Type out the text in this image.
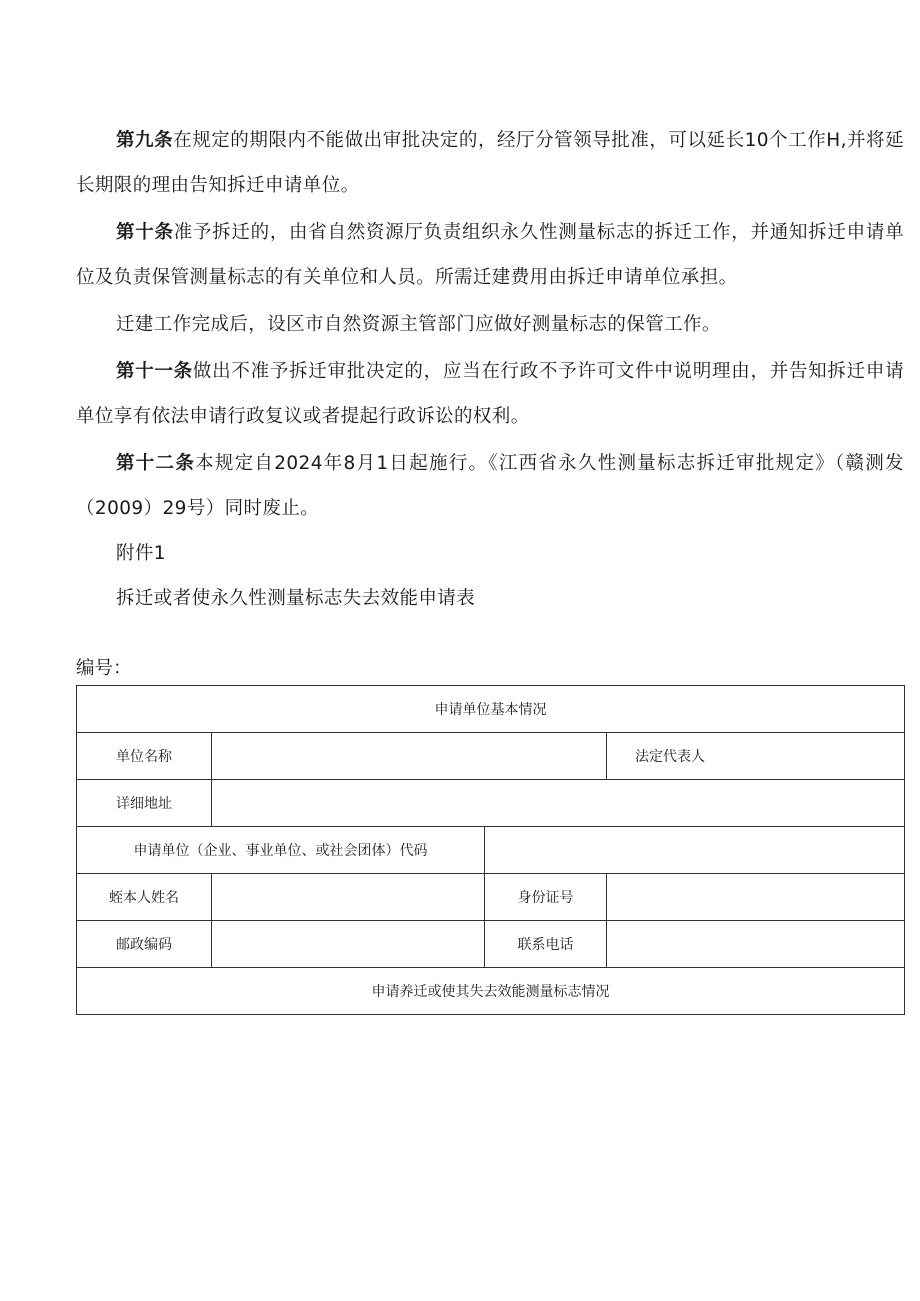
第九条在规定的期限内不能做出审批决定的，经厅分管领导批准，可以延长10个工作H,并将延长期限的理由告知拆迁申请单位。

第十条准予拆迁的，由省自然资源厅负责组织永久性测量标志的拆迁工作，并通知拆迁申请单位及负责保管测量标志的有关单位和人员。所需迁建费用由拆迁申请单位承担。

迁建工作完成后，设区市自然资源主管部门应做好测量标志的保管工作。

第十一条做出不准予拆迁审批决定的，应当在行政不予许可文件中说明理由，并告知拆迁申请单位享有依法申请行政复议或者提起行政诉讼的权利。

第十二条本规定自2024年8月1日起施行。《江西省永久性测量标志拆迁审批规定》（赣测发（2009）29号）同时废止。

附件1

拆迁或者使永久性测量标志失去效能申请表

编号：
申请单位基本情况			
单位名称			法定代表人
详细地址			
申请单位（企业、事业单位、或社会团体）代码			
蛭本人姓名		身份证号	
邮政编码		联系电话	
申请养迁或使其失去效能测量标志情况			
